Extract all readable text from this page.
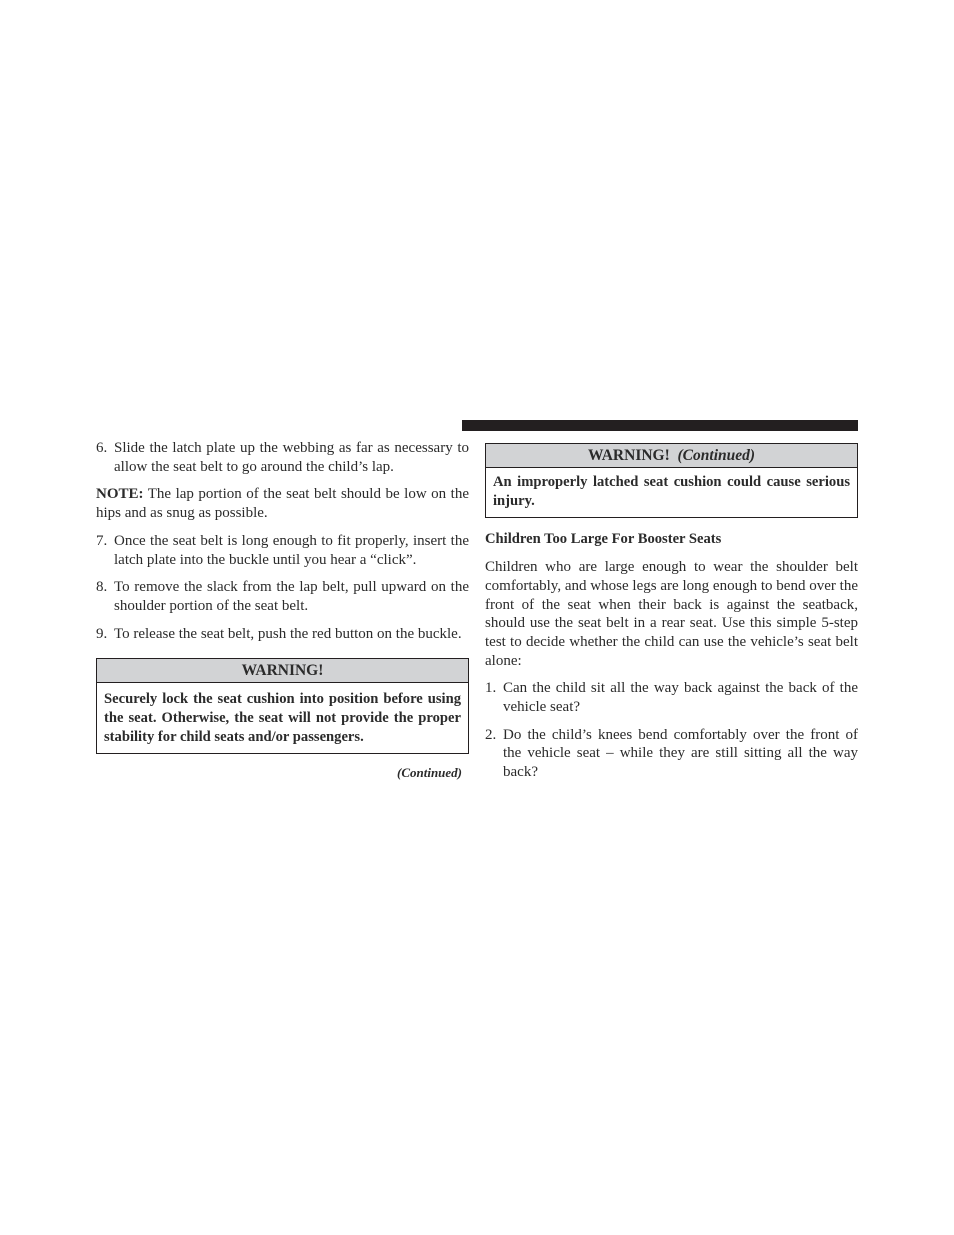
6. Slide the latch plate up the webbing as far as necessary to allow the seat belt to go around the child’s lap.

NOTE: The lap portion of the seat belt should be low on the hips and as snug as possible.

7. Once the seat belt is long enough to fit properly, insert the latch plate into the buckle until you hear a “click”.
8. To remove the slack from the lap belt, pull upward on the shoulder portion of the seat belt.
9. To release the seat belt, push the red button on the buckle.
WARNING!
Securely lock the seat cushion into position before using the seat. Otherwise, the seat will not provide the proper stability for child seats and/or passengers.
(Continued)
WARNING! (Continued)
An improperly latched seat cushion could cause serious injury.
Children Too Large For Booster Seats

Children who are large enough to wear the shoulder belt comfortably, and whose legs are long enough to bend over the front of the seat when their back is against the seatback, should use the seat belt in a rear seat. Use this simple 5-step test to decide whether the child can use the vehicle’s seat belt alone:

1. Can the child sit all the way back against the back of the vehicle seat?
2. Do the child’s knees bend comfortably over the front of the vehicle seat – while they are still sitting all the way back?
